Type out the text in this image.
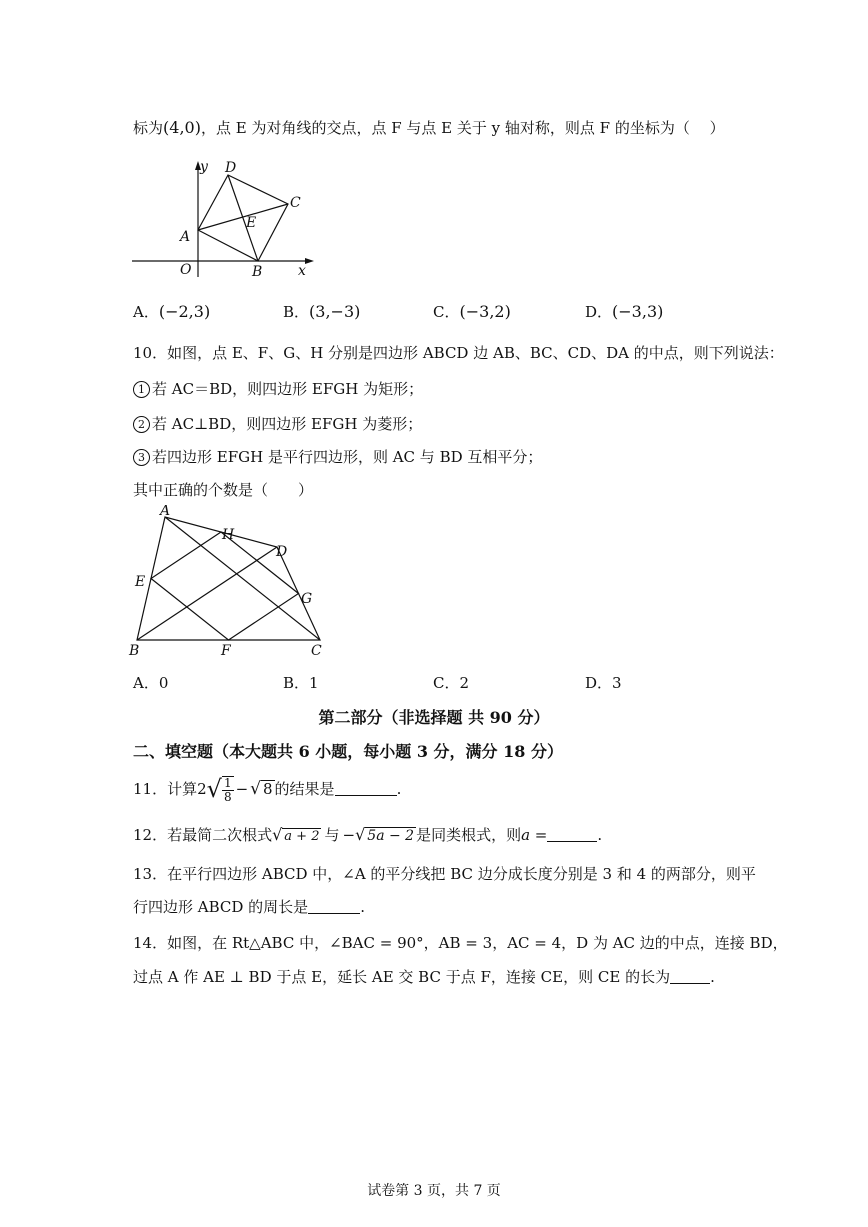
标为(4,0)，点 E 为对角线的交点，点 F 与点 E 关于 y 轴对称，则点 F 的坐标为（　 ）
y
x
O
A
B
C
D
E
A．(−2,3)	B．(3,−3)	C．(−3,2)	D．(−3,3)
10．如图，点 E、F、G、H 分别是四边形 ABCD 边 AB、BC、CD、DA 的中点，则下列说法：
1 若 AC＝BD，则四边形 EFGH 为矩形；
2 若 AC⊥BD，则四边形 EFGH 为菱形；
3 若四边形 EFGH 是平行四边形，则 AC 与 BD 互相平分；
其中正确的个数是（　　）
A
B	C
D
E
F
G
H
A．0	B．1	C．2	D．3
第二部分（非选择题 共 90 分）
二、填空题（本大题共 6 小题，每小题 3 分，满分 18 分）
11．计算$2√ \frac{1}{8}$ − √ 8 的结果是	.
12．若最简二次根式√ a + 2 与 −√ 5a − 2 是同类根式，则a =	.
13．在平行四边形 ABCD 中，∠A 的平分线把 BC 边分成长度分别是 3 和 4 的两部分，则平
行四边形 ABCD 的周长是	.
14．如图，在 Rt△ABC 中，∠BAC = 90°，AB = 3，AC = 4，D 为 AC 边的中点，连接 BD，
过点 A 作 AE ⊥ BD 于点 E，延长 AE 交 BC 于点 F，连接 CE，则 CE 的长为	.
试卷第 3 页，共 7 页
